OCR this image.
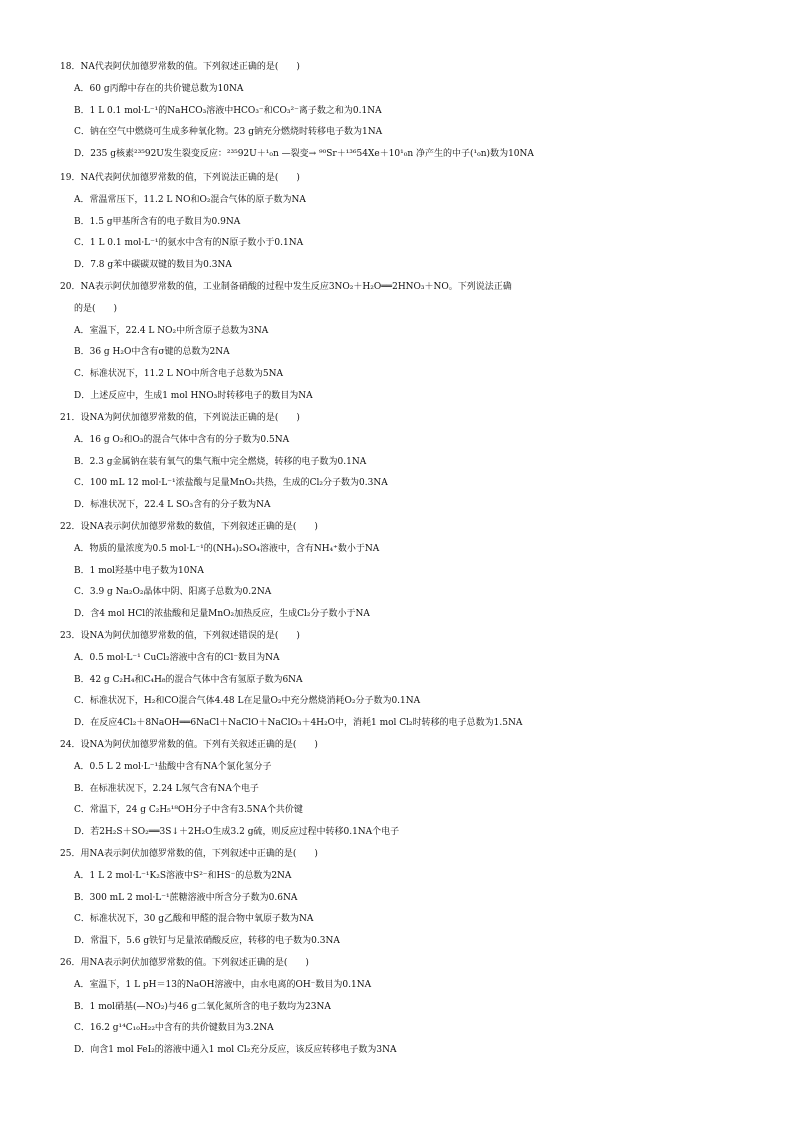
18．NA代表阿伏加德罗常数的值。下列叙述正确的是(　　)
A．60 g丙醇中存在的共价键总数为10NA
B．1 L 0.1 mol·L⁻¹的NaHCO₃溶液中HCO₃⁻和CO₃²⁻离子数之和为0.1NA
C．钠在空气中燃烧可生成多种氧化物。23 g钠充分燃烧时转移电子数为1NA
D．235 g核素²³⁵92U发生裂变反应：²³⁵92U＋¹₀n —裂变→ ⁹⁰Sr＋¹³⁶54Xe＋10¹₀n 净产生的中子(¹₀n)数为10NA
19．NA代表阿伏加德罗常数的值，下列说法正确的是(　　)
A．常温常压下，11.2 L NO和O₂混合气体的原子数为NA
B．1.5 g甲基所含有的电子数目为0.9NA
C．1 L 0.1 mol·L⁻¹的氨水中含有的N原子数小于0.1NA
D．7.8 g苯中碳碳双键的数目为0.3NA
20．NA表示阿伏加德罗常数的值，工业制备硝酸的过程中发生反应3NO₂＋H₂O══2HNO₃＋NO。下列说法正确
的是(　　)
A．室温下，22.4 L NO₂中所含原子总数为3NA
B．36 g H₂O中含有σ键的总数为2NA
C．标准状况下，11.2 L NO中所含电子总数为5NA
D．上述反应中，生成1 mol HNO₃时转移电子的数目为NA
21．设NA为阿伏加德罗常数的值，下列说法正确的是(　　)
A．16 g O₂和O₃的混合气体中含有的分子数为0.5NA
B．2.3 g金属钠在装有氧气的集气瓶中完全燃烧，转移的电子数为0.1NA
C．100 mL 12 mol·L⁻¹浓盐酸与足量MnO₂共热，生成的Cl₂分子数为0.3NA
D．标准状况下，22.4 L SO₃含有的分子数为NA
22．设NA表示阿伏加德罗常数的数值，下列叙述正确的是(　　)
A．物质的量浓度为0.5 mol·L⁻¹的(NH₄)₂SO₄溶液中，含有NH₄⁺数小于NA
B．1 mol羟基中电子数为10NA
C．3.9 g Na₂O₂晶体中阴、阳离子总数为0.2NA
D．含4 mol HCl的浓盐酸和足量MnO₂加热反应，生成Cl₂分子数小于NA
23．设NA为阿伏加德罗常数的值，下列叙述错误的是(　　)
A．0.5 mol·L⁻¹ CuCl₂溶液中含有的Cl⁻数目为NA
B．42 g C₂H₄和C₄H₈的混合气体中含有氢原子数为6NA
C．标准状况下，H₂和CO混合气体4.48 L在足量O₂中充分燃烧消耗O₂分子数为0.1NA
D．在反应4Cl₂＋8NaOH══6NaCl＋NaClO＋NaClO₃＋4H₂O中，消耗1 mol Cl₂时转移的电子总数为1.5NA
24．设NA为阿伏加德罗常数的值。下列有关叙述正确的是(　　)
A．0.5 L 2 mol·L⁻¹盐酸中含有NA个氯化氢分子
B．在标准状况下，2.24 L氖气含有NA个电子
C．常温下，24 g C₂H₅¹⁸OH分子中含有3.5NA个共价键
D．若2H₂S＋SO₂══3S↓＋2H₂O生成3.2 g硫，则反应过程中转移0.1NA个电子
25．用NA表示阿伏加德罗常数的值，下列叙述中正确的是(　　)
A．1 L 2 mol·L⁻¹K₂S溶液中S²⁻和HS⁻的总数为2NA
B．300 mL 2 mol·L⁻¹蔗糖溶液中所含分子数为0.6NA
C．标准状况下，30 g乙酸和甲醛的混合物中氧原子数为NA
D．常温下，5.6 g铁钉与足量浓硝酸反应，转移的电子数为0.3NA
26．用NA表示阿伏加德罗常数的值。下列叙述正确的是(　　)
A．室温下，1 L pH＝13的NaOH溶液中，由水电离的OH⁻数目为0.1NA
B．1 mol硝基(—NO₂)与46 g二氧化氮所含的电子数均为23NA
C．16.2 g¹⁴C₁₀H₂₂中含有的共价键数目为3.2NA
D．向含1 mol FeI₂的溶液中通入1 mol Cl₂充分反应，该反应转移电子数为3NA
